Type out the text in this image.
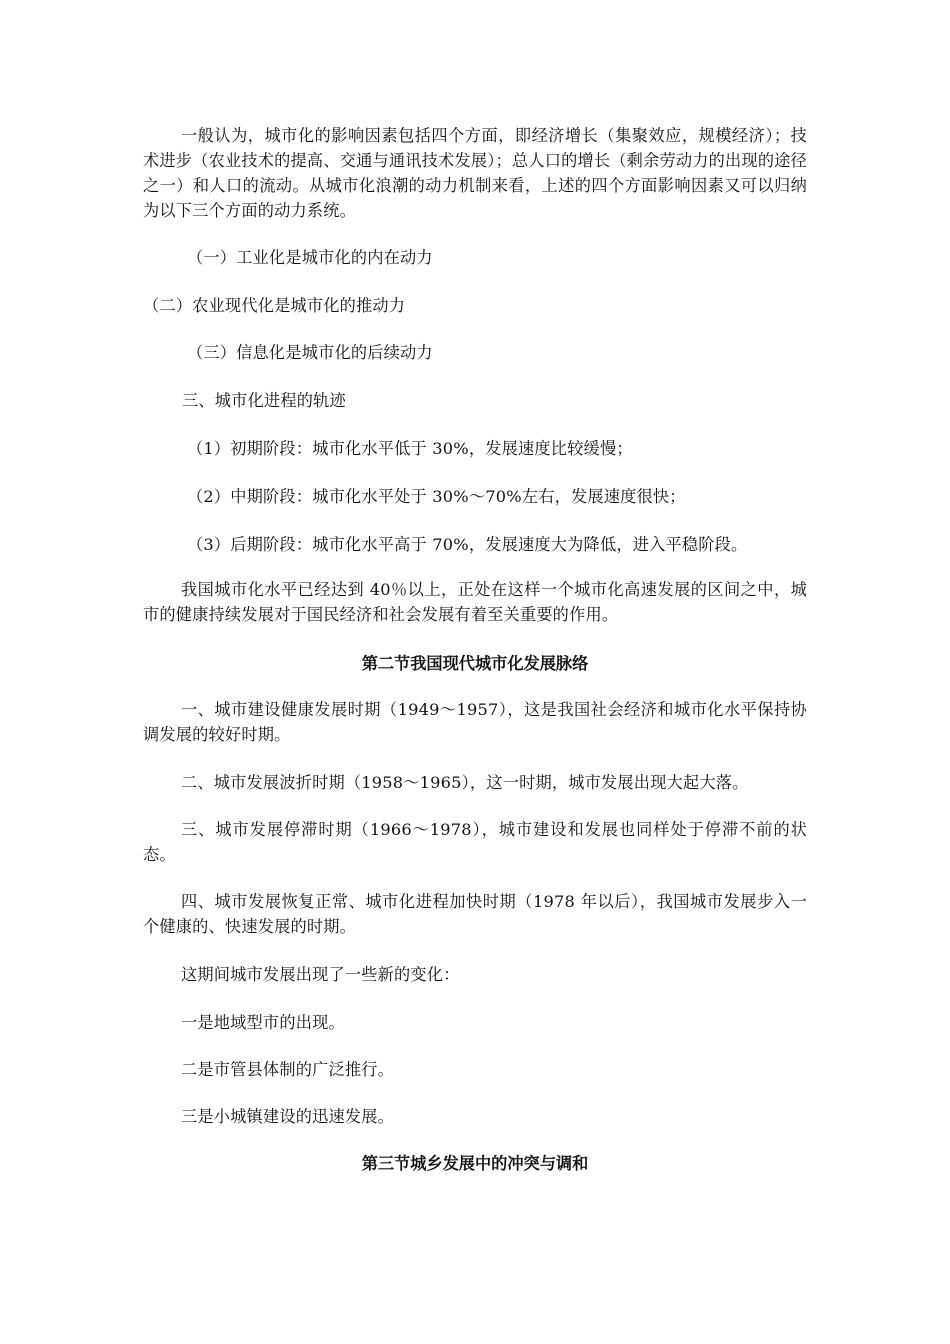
一般认为，城市化的影响因素包括四个方面，即经济增长（集聚效应，规模经济）；技术进步（农业技术的提高、交通与通讯技术发展）；总人口的增长（剩余劳动力的出现的途径之一）和人口的流动。从城市化浪潮的动力机制来看，上述的四个方面影响因素又可以归纳为以下三个方面的动力系统。

（一）工业化是城市化的内在动力

（二）农业现代化是城市化的推动力

（三）信息化是城市化的后续动力

三、城市化进程的轨迹

（1）初期阶段：城市化水平低于 30%，发展速度比较缓慢；

（2）中期阶段：城市化水平处于 30%～70%左右，发展速度很快；

（3）后期阶段：城市化水平高于 70%，发展速度大为降低，进入平稳阶段。

我国城市化水平已经达到 40％以上，正处在这样一个城市化高速发展的区间之中，城市的健康持续发展对于国民经济和社会发展有着至关重要的作用。

第二节我国现代城市化发展脉络

一、城市建设健康发展时期（1949～1957），这是我国社会经济和城市化水平保持协调发展的较好时期。

二、城市发展波折时期（1958～1965），这一时期，城市发展出现大起大落。

三、城市发展停滞时期（1966～1978），城市建设和发展也同样处于停滞不前的状态。

四、城市发展恢复正常、城市化进程加快时期（1978 年以后），我国城市发展步入一个健康的、快速发展的时期。

这期间城市发展出现了一些新的变化：

一是地域型市的出现。

二是市管县体制的广泛推行。

三是小城镇建设的迅速发展。

第三节城乡发展中的冲突与调和
